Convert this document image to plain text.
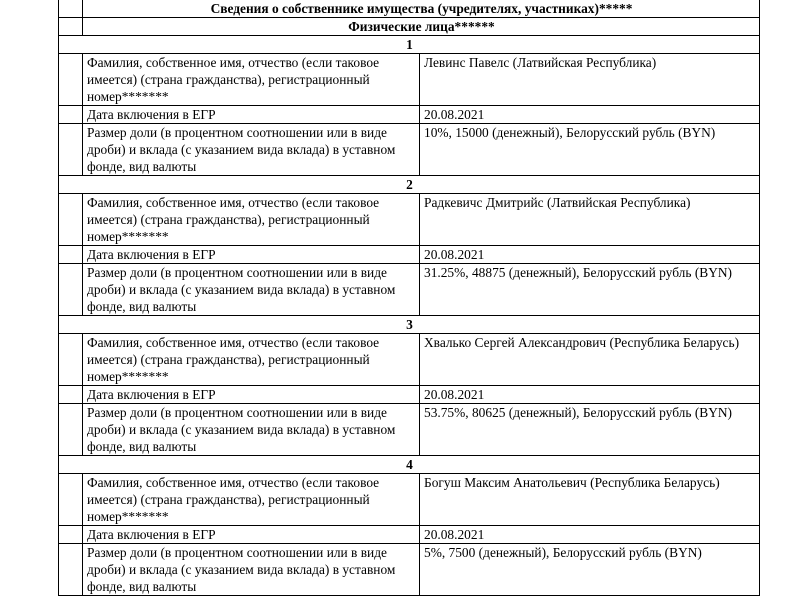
	Сведения о собственнике имущества (учредителях, участниках)*****	
	Физические лица******	
1		
	Фамилия, собственное имя, отчество (если таковое имеется) (страна гражданства), регистрационный номер*******	Левинс Павелс (Латвийская Республика)
	Дата включения в ЕГР	20.08.2021
	Размер доли (в процентном соотношении или в виде дроби) и вклада (с указанием вида вклада) в уставном фонде, вид валюты	10%, 15000 (денежный), Белорусский рубль (BYN)
2		
	Фамилия, собственное имя, отчество (если таковое имеется) (страна гражданства), регистрационный номер*******	Радкевичс Дмитрийс (Латвийская Республика)
	Дата включения в ЕГР	20.08.2021
	Размер доли (в процентном соотношении или в виде дроби) и вклада (с указанием вида вклада) в уставном фонде, вид валюты	31.25%, 48875 (денежный), Белорусский рубль (BYN)
3		
	Фамилия, собственное имя, отчество (если таковое имеется) (страна гражданства), регистрационный номер*******	Хвалько Сергей Александрович (Республика Беларусь)
	Дата включения в ЕГР	20.08.2021
	Размер доли (в процентном соотношении или в виде дроби) и вклада (с указанием вида вклада) в уставном фонде, вид валюты	53.75%, 80625 (денежный), Белорусский рубль (BYN)
4		
	Фамилия, собственное имя, отчество (если таковое имеется) (страна гражданства), регистрационный номер*******	Богуш Максим Анатольевич (Республика Беларусь)
	Дата включения в ЕГР	20.08.2021
	Размер доли (в процентном соотношении или в виде дроби) и вклада (с указанием вида вклада) в уставном фонде, вид валюты	5%, 7500 (денежный), Белорусский рубль (BYN)
